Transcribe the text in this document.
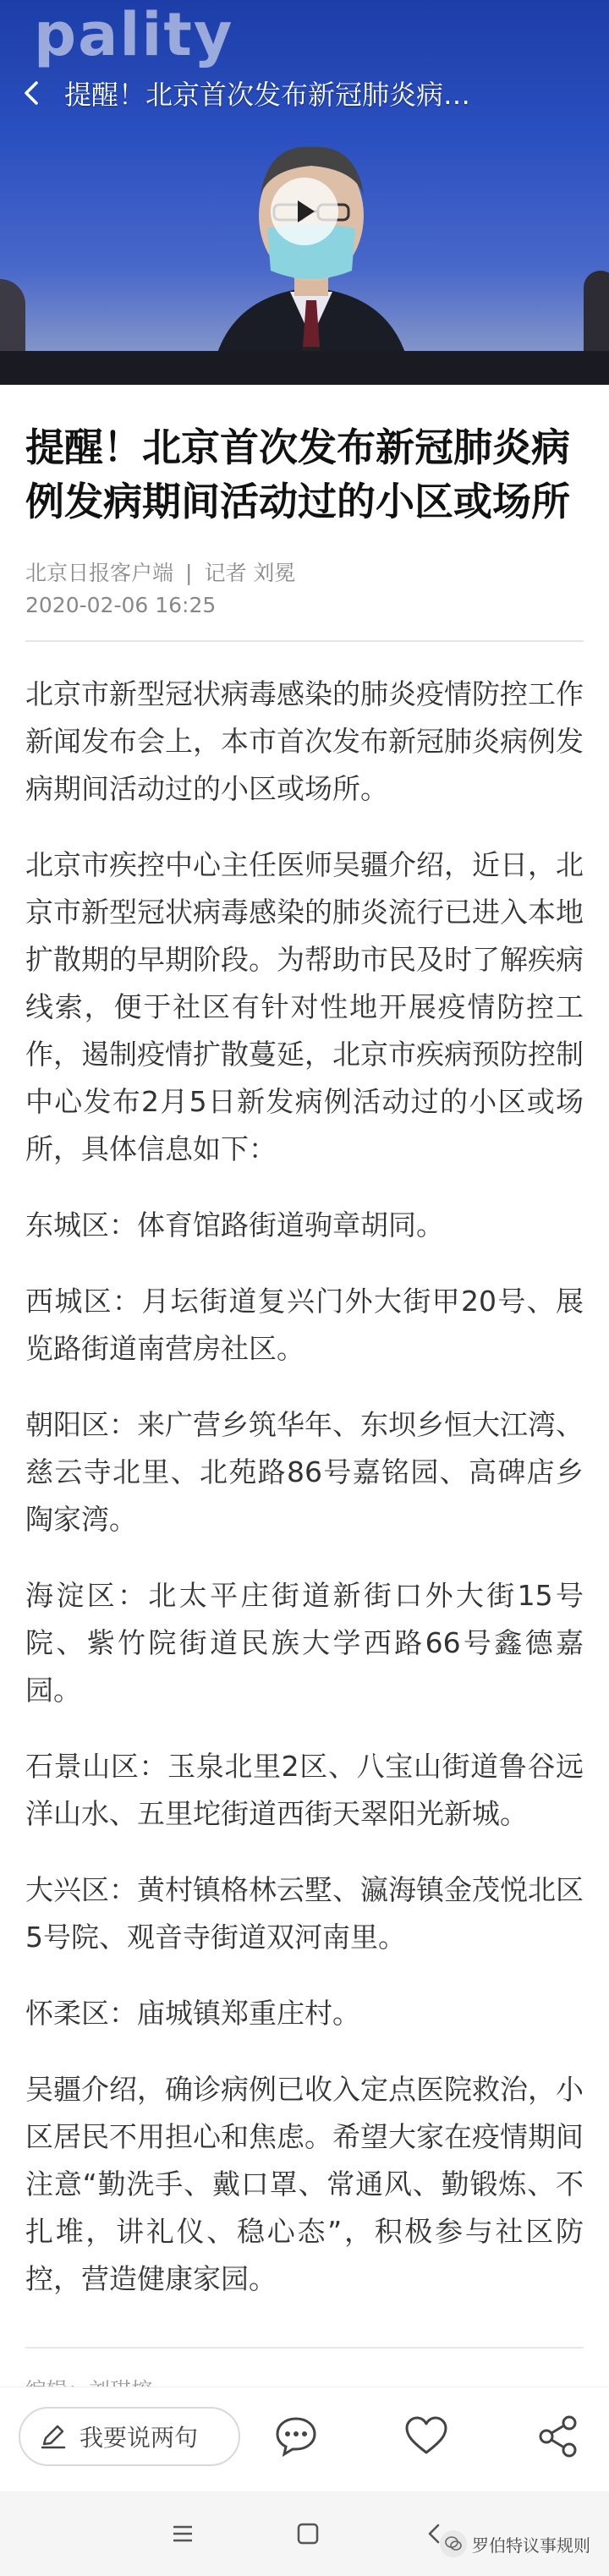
pality
提醒！北京首次发布新冠肺炎病…
提醒！北京首次发布新冠肺炎病例发病期间活动过的小区或场所
北京日报客户端 | 记者 刘冕
2020-02-06 16:25
北京市新型冠状病毒感染的肺炎疫情防控工作新闻发布会上，本市首次发布新冠肺炎病例发病期间活动过的小区或场所。
北京市疾控中心主任医师吴疆介绍，近日，北京市新型冠状病毒感染的肺炎流行已进入本地扩散期的早期阶段。为帮助市民及时了解疾病线索，便于社区有针对性地开展疫情防控工作，遏制疫情扩散蔓延，北京市疾病预防控制中心发布2月5日新发病例活动过的小区或场所，具体信息如下：
东城区：体育馆路街道驹章胡同。
西城区：月坛街道复兴门外大街甲20号、展览路街道南营房社区。
朝阳区：来广营乡筑华年、东坝乡恒大江湾、慈云寺北里、北苑路86号嘉铭园、高碑店乡陶家湾。
海淀区：北太平庄街道新街口外大街15号院、紫竹院街道民族大学西路66号鑫德嘉园。
石景山区：玉泉北里2区、八宝山街道鲁谷远洋山水、五里坨街道西街天翠阳光新城。
大兴区：黄村镇格林云墅、瀛海镇金茂悦北区5号院、观音寺街道双河南里。
怀柔区：庙城镇郑重庄村。
吴疆介绍，确诊病例已收入定点医院救治，小区居民不用担心和焦虑。希望大家在疫情期间注意“勤洗手、戴口罩、常通风、勤锻炼、不扎堆，讲礼仪、稳心态”，积极参与社区防控，营造健康家园。
我要说两句
罗伯特议事规则
